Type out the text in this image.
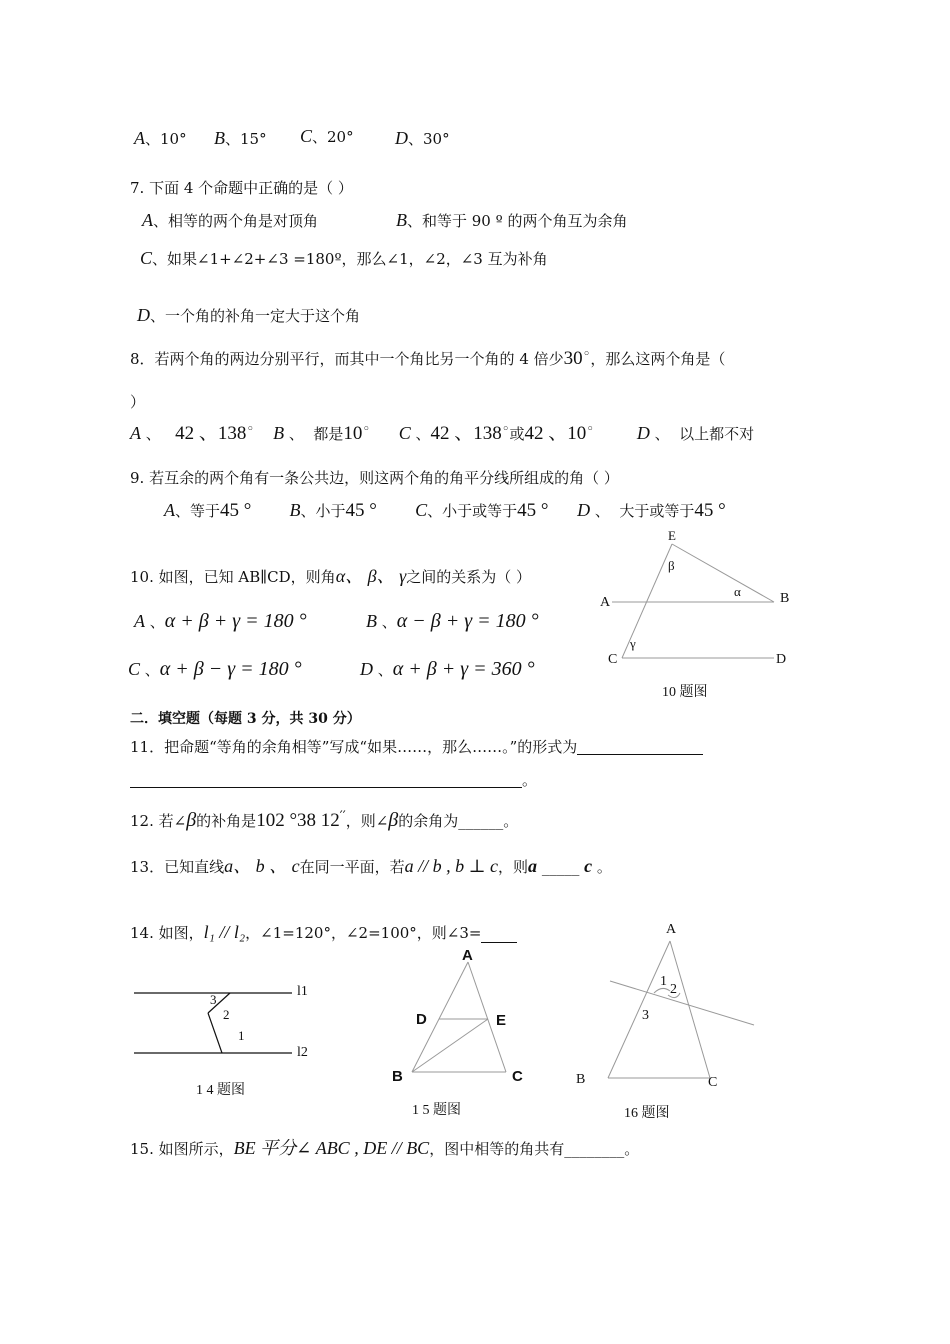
A、10° B、15° C、20° D、30°
7. 下面 4 个命题中正确的是（ ）
A、相等的两个角是对顶角	B、和等于 90 º 的两个角互为余角
C、如果∠1+∠2+∠3 =180º，那么∠1，∠2，∠3 互为补角
D、一个角的补角一定大于这个角
8．若两个角的两边分别平行，而其中一个角比另一个角的 4 倍少30◦，那么这两个角是（
）
A 、   42 、138◦ B 、  都是10◦ C 、42 、138◦或42 、10◦ D 、  以上都不对
9. 若互余的两个角有一条公共边，则这两个角的角平分线所组成的角（ ）
A、等于45 ° B、小于45 ° C、小于或等于45 ° D 、  大于或等于45 °
10. 如图，已知 AB∥CD，则角α、 β、 γ之间的关系为（ ）
A 、α + β + γ = 180 °	B 、α − β + γ = 180 °
C 、α + β − γ = 180 °	D 、α + β + γ = 360 °
E
β
α
A	B
γ
C	D
10 题图
二．填空题（每题 3 分，共 30 分）
11．把命题“等角的余角相等”写成“如果……，那么……。”的形式为
。
12. 若∠β的补角是102 °38 12′′，则∠β的余角为______。
13．已知直线a、 b 、 c在同一平面，若a // b , b ⊥ c，则a _____ c 。
14. 如图，l₁ // l₂，∠1=120°，∠2=100°，则∠3=
3
2
1
l1
l2
1 4 题图
A
D	E
B	C
1 5 题图
A
1
2
3
B	C
16 题图
15. 如图所示，BE 平分∠ ABC , DE // BC，图中相等的角共有________。
